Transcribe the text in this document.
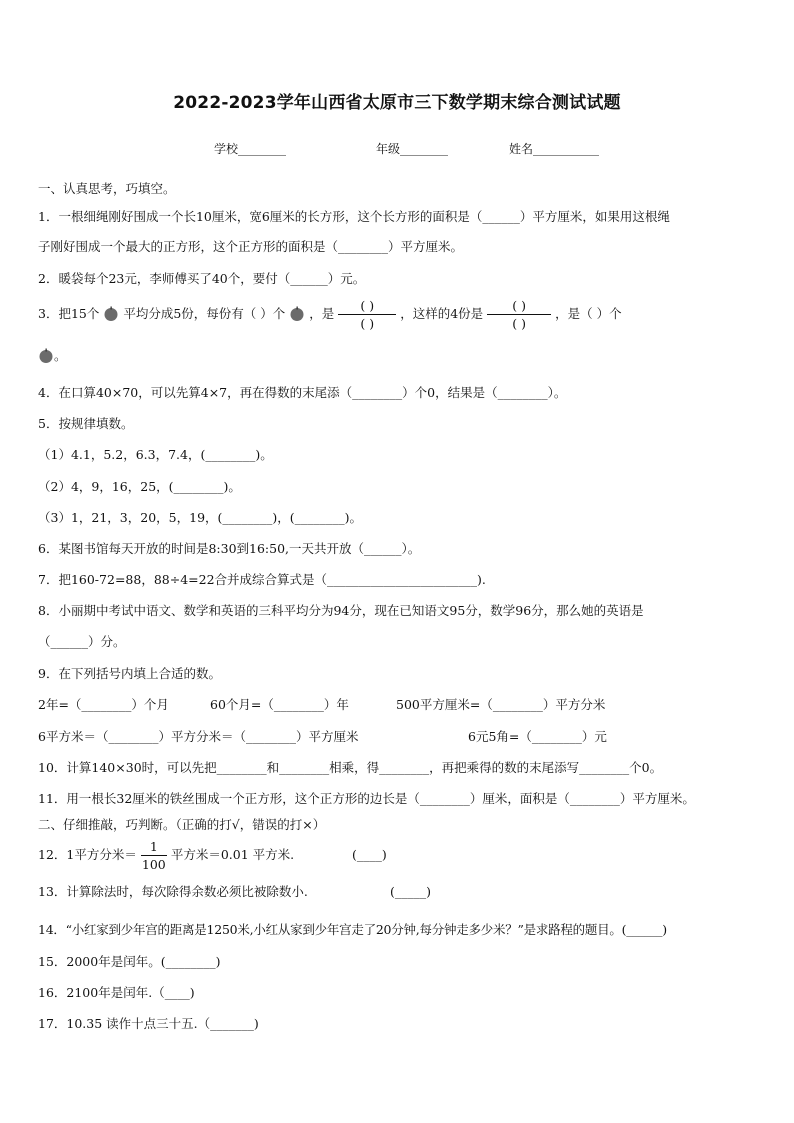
2022-2023学年山西省太原市三下数学期末综合测试试题
学校________	年级________	姓名___________
一、认真思考，巧填空。
1．一根细绳刚好围成一个长10厘米，宽6厘米的长方形，这个长方形的面积是（______）平方厘米，如果用这根绳
子刚好围成一个最大的正方形，这个正方形的面积是（________）平方厘米。
2．暖袋每个23元，李师傅买了40个，要付（______）元。
3．把15个 平均分成5份，每份有（ ）个 ，是 $\frac{( )}{( )}$ ，这样的4份是 $\frac{( )}{( )}$ ，是（ ）个
。
4．在口算40×70，可以先算4×7，再在得数的末尾添（________）个0，结果是（________）。
5．按规律填数。
（1）4.1，5.2，6.3，7.4，(________)。
（2）4，9，16，25，(________)。
（3）1，21，3，20，5，19，(________)，(________)。
6．某图书馆每天开放的时间是8:30到16:50,一天共开放（______）。
7．把160-72=88，88÷4=22合并成综合算式是（________________________).
8．小丽期中考试中语文、数学和英语的三科平均分为94分，现在已知语文95分，数学96分，那么她的英语是
（______）分。
9．在下列括号内填上合适的数。
2年=（________）个月	60个月=（________）年	500平方厘米=（________）平方分米
6平方米＝（________）平方分米＝（________）平方厘米	6元5角=（________）元
10．计算140×30时，可以先把________和________相乘，得________，再把乘得的数的末尾添写________个0。
11．用一根长32厘米的铁丝围成一个正方形，这个正方形的边长是（________）厘米，面积是（________）平方厘米。
二、仔细推敲，巧判断。（正确的打√，错误的打×）
12．1平方分米＝ $\frac{1}{100}$ 平方米＝0.01 平方米.	(____)
13．计算除法时，每次除得余数必须比被除数小.	(_____)
14．“小红家到少年宫的距离是1250米,小红从家到少年宫走了20分钟,每分钟走多少米？”是求路程的题目。(______)
15．2000年是闰年。(________)
16．2100年是闰年.（____)
17．10.35 读作十点三十五.（_______)
